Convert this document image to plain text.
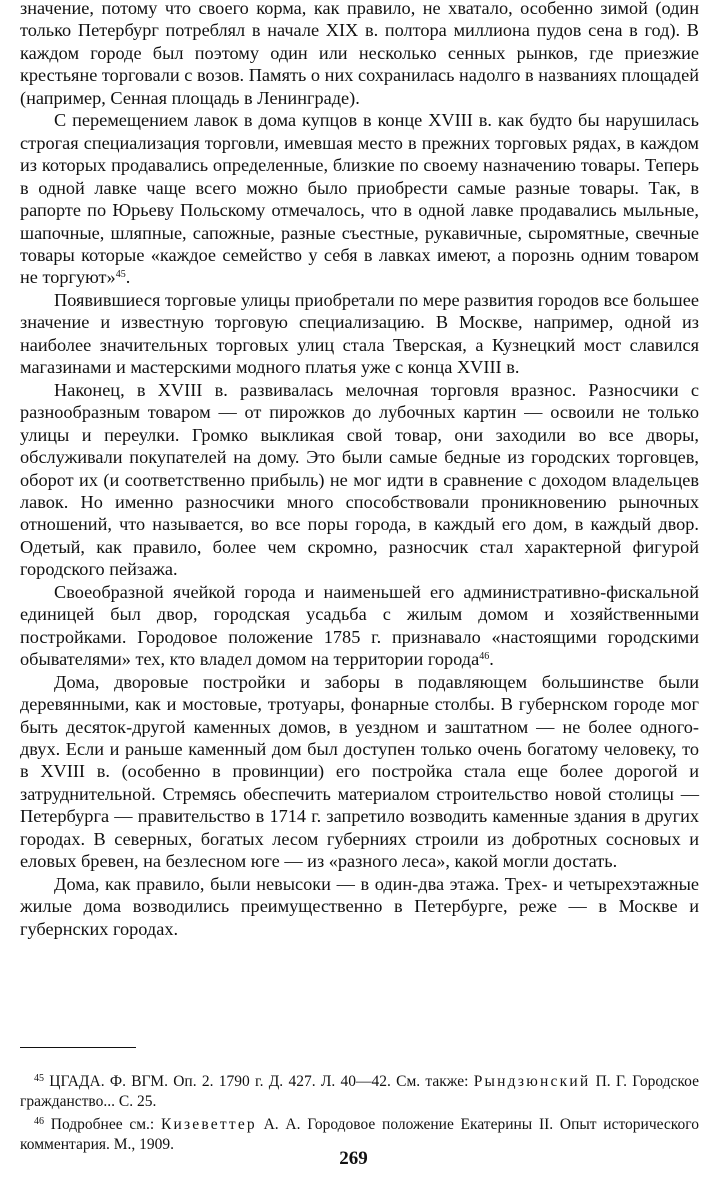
значение, потому что своего корма, как правило, не хватало, особенно зимой (один только Петербург потреблял в начале XIX в. полтора миллиона пудов сена в год). В каждом городе был поэтому один или несколько сенных рынков, где приезжие крестьяне торговали с возов. Память о них сохранилась надолго в названиях площадей (например, Сенная площадь в Ленинграде).

С перемещением лавок в дома купцов в конце XVIII в. как будто бы нарушилась строгая специализация торговли, имевшая место в прежних торговых рядах, в каждом из которых продавались определенные, близкие по своему назначению товары. Теперь в одной лавке чаще всего можно было приобрести самые разные товары. Так, в рапорте по Юрьеву Польскому отмечалось, что в одной лавке продавались мыльные, шапочные, шляпные, сапожные, разные съестные, рукавичные, сыромятные, свечные товары которые «каждое семейство у себя в лавках имеют, а порознь одним товаром не торгуют»$^{45}$.

Появившиеся торговые улицы приобретали по мере развития городов все большее значение и известную торговую специализацию. В Москве, например, одной из наиболее значительных торговых улиц стала Тверская, а Кузнецкий мост славился магазинами и мастерскими модного платья уже с конца XVIII в.

Наконец, в XVIII в. развивалась мелочная торговля вразнос. Разносчики с разнообразным товаром — от пирожков до лубочных картин — освоили не только улицы и переулки. Громко выкликая свой товар, они заходили во все дворы, обслуживали покупателей на дому. Это были самые бедные из городских торговцев, оборот их (и соответственно прибыль) не мог идти в сравнение с доходом владельцев лавок. Но именно разносчики много способствовали проникновению рыночных отношений, что называется, во все поры города, в каждый его дом, в каждый двор. Одетый, как правило, более чем скромно, разносчик стал характерной фигурой городского пейзажа.

Своеобразной ячейкой города и наименьшей его административно-фискальной единицей был двор, городская усадьба с жилым домом и хозяйственными постройками. Городовое положение 1785 г. признавало «настоящими городскими обывателями» тех, кто владел домом на территории города$^{46}$.

Дома, дворовые постройки и заборы в подавляющем большинстве были деревянными, как и мостовые, тротуары, фонарные столбы. В губернском городе мог быть десяток-другой каменных домов, в уездном и заштатном — не более одного-двух. Если и раньше каменный дом был доступен только очень богатому человеку, то в XVIII в. (особенно в провинции) его постройка стала еще более дорогой и затруднительной. Стремясь обеспечить материалом строительство новой столицы — Петербурга — правительство в 1714 г. запретило возводить каменные здания в других городах. В северных, богатых лесом губерниях строили из добротных сосновых и еловых бревен, на безлесном юге — из «разного леса», какой могли достать.

Дома, как правило, были невысоки — в один-два этажа. Трех- и четырехэтажные жилые дома возводились преимущественно в Петербурге, реже — в Москве и губернских городах.

$^{45}$ ЦГАДА. Ф. ВГМ. Оп. 2. 1790 г. Д. 427. Л. 40—42. См. также: Рындзюнский П. Г. Городское гражданство... С. 25.

$^{46}$ Подробнее см.: Кизеветтер А. А. Городовое положение Екатерины II. Опыт исторического комментария. М., 1909.

269
